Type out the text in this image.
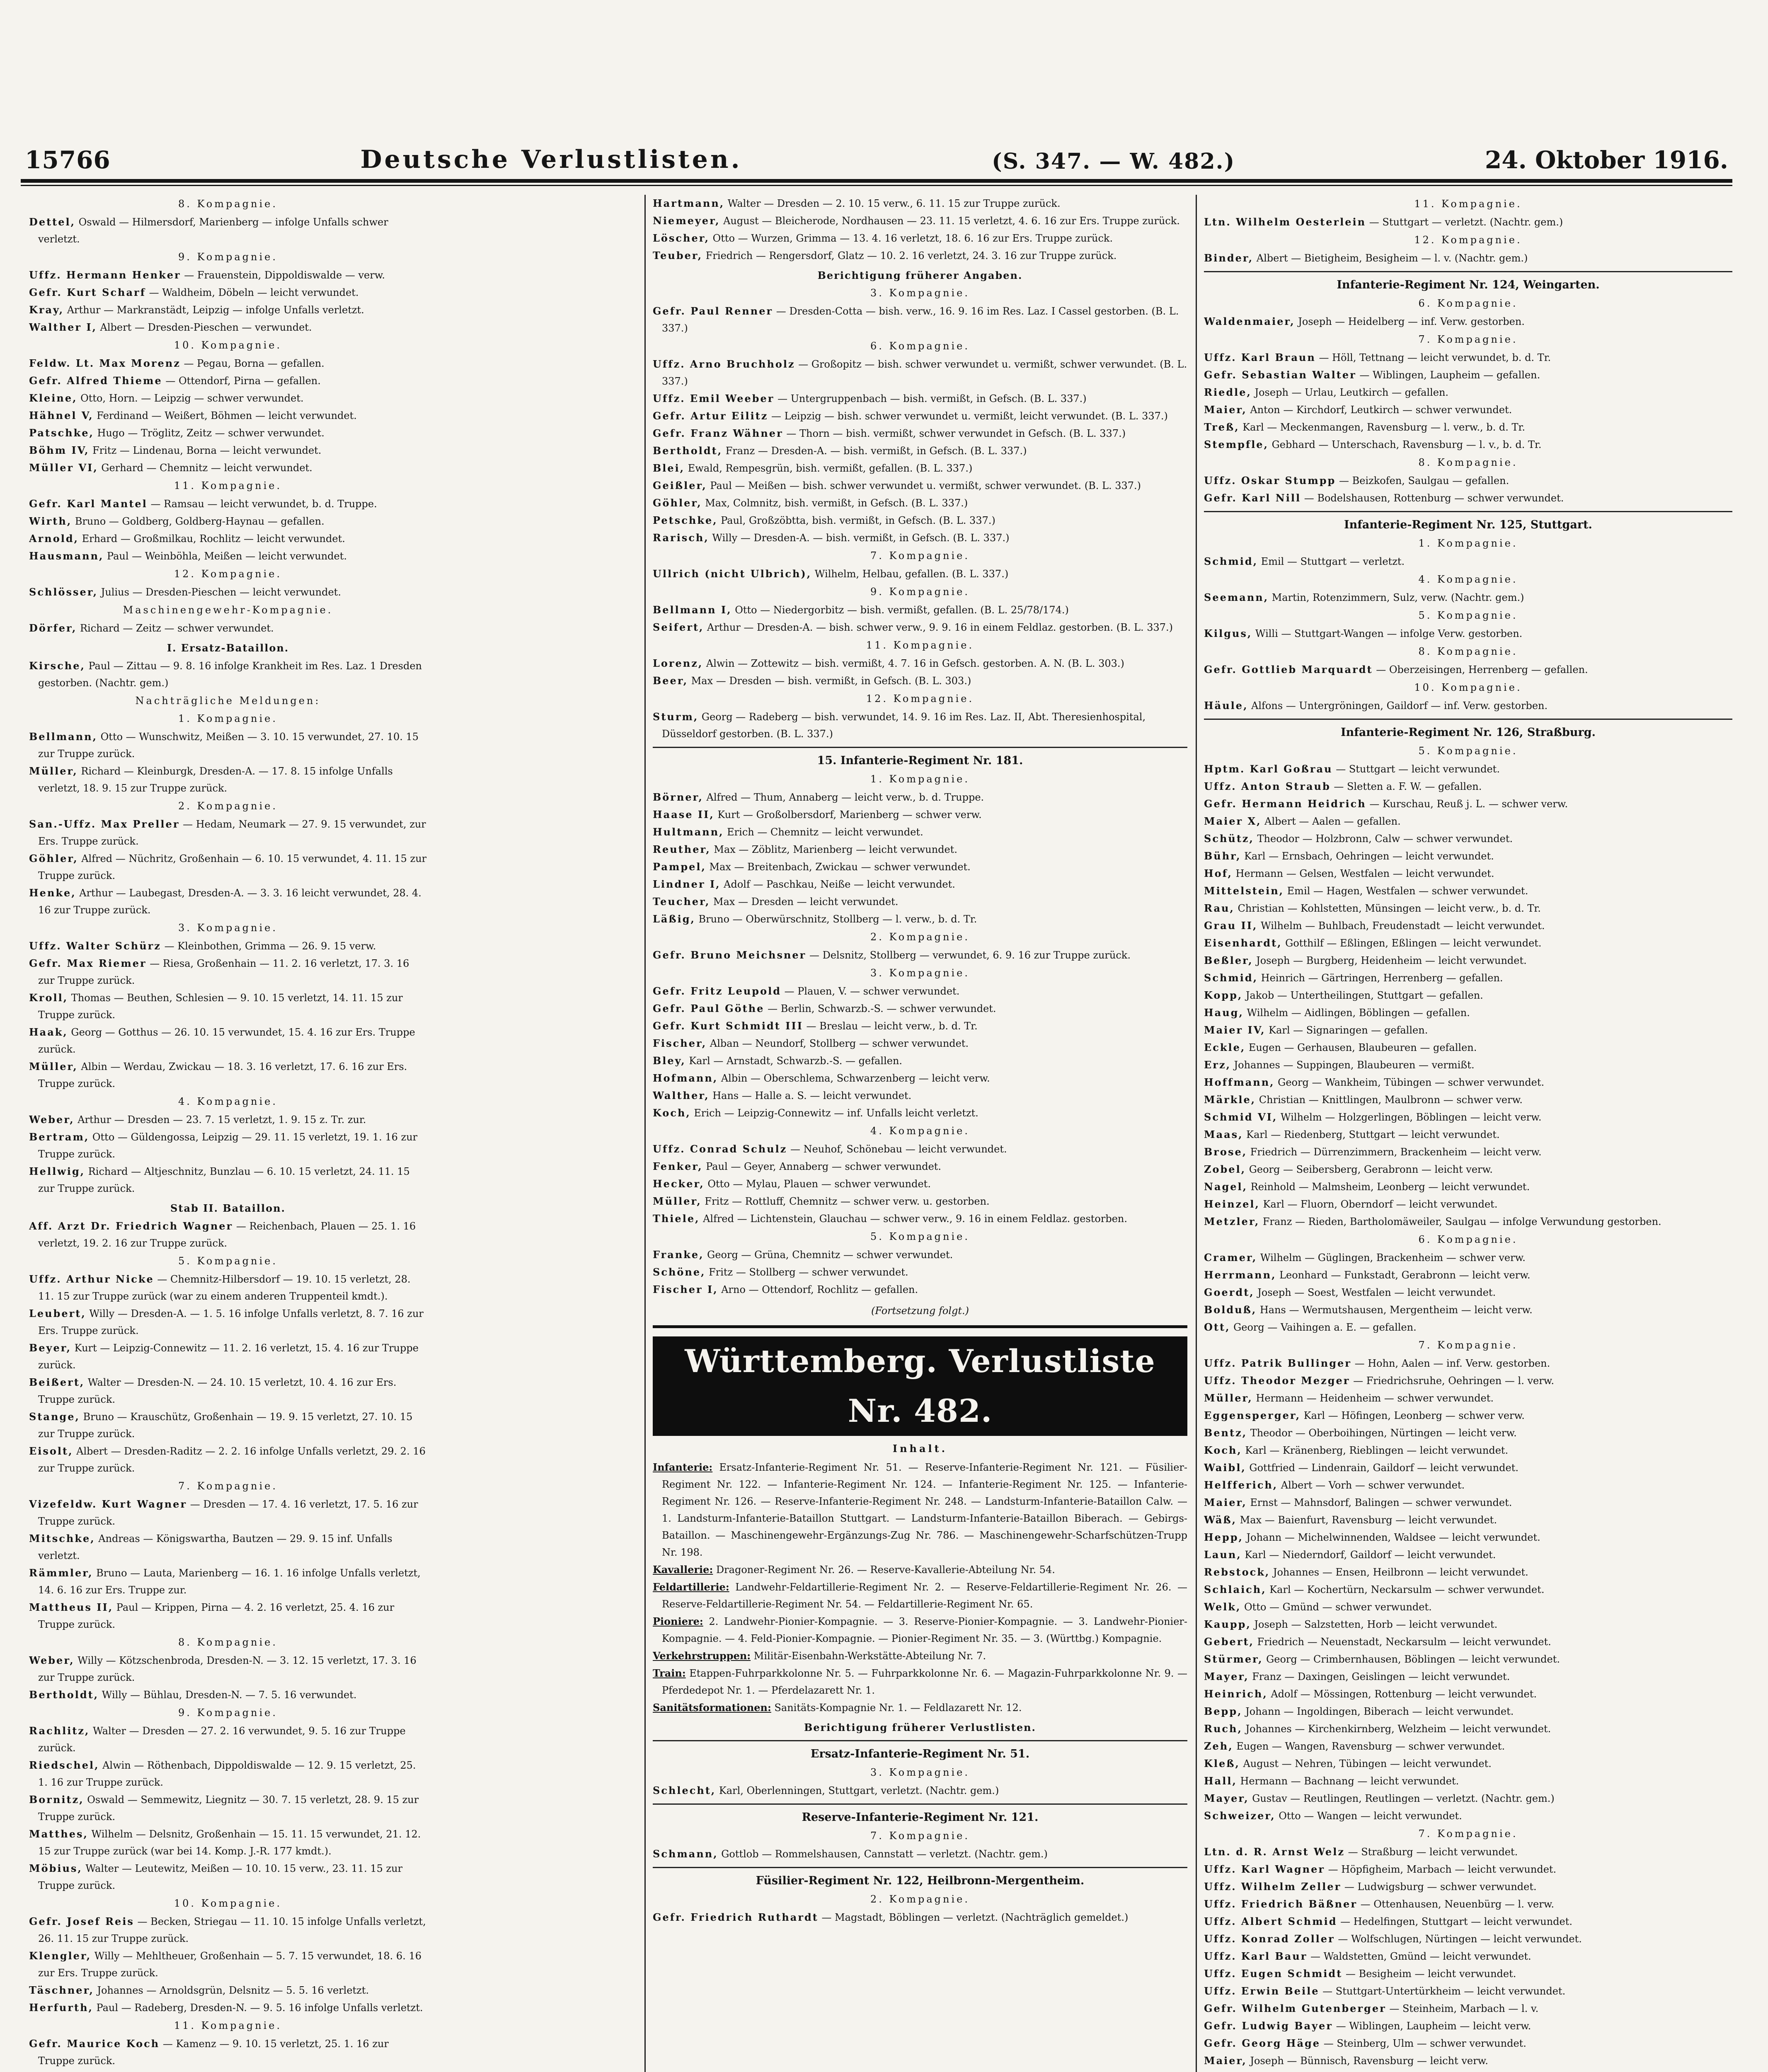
15766	Deutsche Verlustlisten.	(S. 347. — W. 482.)	24. Oktober 1916.
8. Kompagnie.

Dettel, Oswald — Hilmersdorf, Marienberg — infolge Unfalls schwer verletzt.

9. Kompagnie.

Uffz. Hermann Henker — Frauenstein, Dippoldiswalde — verw.

Gefr. Kurt Scharf — Waldheim, Döbeln — leicht verwundet.

Kray, Arthur — Markranstädt, Leipzig — infolge Unfalls verletzt.

Walther I, Albert — Dresden-Pieschen — verwundet.

10. Kompagnie.

Feldw. Lt. Max Morenz — Pegau, Borna — gefallen.

Gefr. Alfred Thieme — Ottendorf, Pirna — gefallen.

Kleine, Otto, Horn. — Leipzig — schwer verwundet.

Hähnel V, Ferdinand — Weißert, Böhmen — leicht verwundet.

Patschke, Hugo — Tröglitz, Zeitz — schwer verwundet.

Böhm IV, Fritz — Lindenau, Borna — leicht verwundet.

Müller VI, Gerhard — Chemnitz — leicht verwundet.

11. Kompagnie.

Gefr. Karl Mantel — Ramsau — leicht verwundet, b. d. Truppe.

Wirth, Bruno — Goldberg, Goldberg-Haynau — gefallen.

Arnold, Erhard — Großmilkau, Rochlitz — leicht verwundet.

Hausmann, Paul — Weinböhla, Meißen — leicht verwundet.

12. Kompagnie.

Schlösser, Julius — Dresden-Pieschen — leicht verwundet.

Maschinengewehr-Kompagnie.

Dörfer, Richard — Zeitz — schwer verwundet.

I. Ersatz-Bataillon.

Kirsche, Paul — Zittau — 9. 8. 16 infolge Krankheit im Res. Laz. 1 Dresden gestorben. (Nachtr. gem.)

Nachträgliche Meldungen:
1. Kompagnie.

Bellmann, Otto — Wunschwitz, Meißen — 3. 10. 15 verwundet, 27. 10. 15 zur Truppe zurück.

Müller, Richard — Kleinburgk, Dresden-A. — 17. 8. 15 infolge Unfalls verletzt, 18. 9. 15 zur Truppe zurück.

2. Kompagnie.

San.-Uffz. Max Preller — Hedam, Neumark — 27. 9. 15 verwundet, zur Ers. Truppe zurück.

Göhler, Alfred — Nüchritz, Großenhain — 6. 10. 15 verwundet, 4. 11. 15 zur Truppe zurück.

Henke, Arthur — Laubegast, Dresden-A. — 3. 3. 16 leicht verwundet, 28. 4. 16 zur Truppe zurück.

3. Kompagnie.

Uffz. Walter Schürz — Kleinbothen, Grimma — 26. 9. 15 verw.

Gefr. Max Riemer — Riesa, Großenhain — 11. 2. 16 verletzt, 17. 3. 16 zur Truppe zurück.

Kroll, Thomas — Beuthen, Schlesien — 9. 10. 15 verletzt, 14. 11. 15 zur Truppe zurück.

Haak, Georg — Gotthus — 26. 10. 15 verwundet, 15. 4. 16 zur Ers. Truppe zurück.

Müller, Albin — Werdau, Zwickau — 18. 3. 16 verletzt, 17. 6. 16 zur Ers. Truppe zurück.

4. Kompagnie.

Weber, Arthur — Dresden — 23. 7. 15 verletzt, 1. 9. 15 z. Tr. zur.

Bertram, Otto — Güldengossa, Leipzig — 29. 11. 15 verletzt, 19. 1. 16 zur Truppe zurück.

Hellwig, Richard — Altjeschnitz, Bunzlau — 6. 10. 15 verletzt, 24. 11. 15 zur Truppe zurück.

Stab II. Bataillon.

Aff. Arzt Dr. Friedrich Wagner — Reichenbach, Plauen — 25. 1. 16 verletzt, 19. 2. 16 zur Truppe zurück.

5. Kompagnie.

Uffz. Arthur Nicke — Chemnitz-Hilbersdorf — 19. 10. 15 verletzt, 28. 11. 15 zur Truppe zurück (war zu einem anderen Truppenteil kmdt.).

Leubert, Willy — Dresden-A. — 1. 5. 16 infolge Unfalls verletzt, 8. 7. 16 zur Ers. Truppe zurück.

Beyer, Kurt — Leipzig-Connewitz — 11. 2. 16 verletzt, 15. 4. 16 zur Truppe zurück.

Beißert, Walter — Dresden-N. — 24. 10. 15 verletzt, 10. 4. 16 zur Ers. Truppe zurück.

Stange, Bruno — Krauschütz, Großenhain — 19. 9. 15 verletzt, 27. 10. 15 zur Truppe zurück.

Eisolt, Albert — Dresden-Raditz — 2. 2. 16 infolge Unfalls verletzt, 29. 2. 16 zur Truppe zurück.

7. Kompagnie.

Vizefeldw. Kurt Wagner — Dresden — 17. 4. 16 verletzt, 17. 5. 16 zur Truppe zurück.

Mitschke, Andreas — Königswartha, Bautzen — 29. 9. 15 inf. Unfalls verletzt.

Rämmler, Bruno — Lauta, Marienberg — 16. 1. 16 infolge Unfalls verletzt, 14. 6. 16 zur Ers. Truppe zur.

Mattheus II, Paul — Krippen, Pirna — 4. 2. 16 verletzt, 25. 4. 16 zur Truppe zurück.

8. Kompagnie.

Weber, Willy — Kötzschenbroda, Dresden-N. — 3. 12. 15 verletzt, 17. 3. 16 zur Truppe zurück.

Bertholdt, Willy — Bühlau, Dresden-N. — 7. 5. 16 verwundet.

9. Kompagnie.

Rachlitz, Walter — Dresden — 27. 2. 16 verwundet, 9. 5. 16 zur Truppe zurück.

Riedschel, Alwin — Röthenbach, Dippoldiswalde — 12. 9. 15 verletzt, 25. 1. 16 zur Truppe zurück.

Bornitz, Oswald — Semmewitz, Liegnitz — 30. 7. 15 verletzt, 28. 9. 15 zur Truppe zurück.

Matthes, Wilhelm — Delsnitz, Großenhain — 15. 11. 15 verwundet, 21. 12. 15 zur Truppe zurück (war bei 14. Komp. J.-R. 177 kmdt.).

Möbius, Walter — Leutewitz, Meißen — 10. 10. 15 verw., 23. 11. 15 zur Truppe zurück.

10. Kompagnie.

Gefr. Josef Reis — Becken, Striegau — 11. 10. 15 infolge Unfalls verletzt, 26. 11. 15 zur Truppe zurück.

Klengler, Willy — Mehltheuer, Großenhain — 5. 7. 15 verwundet, 18. 6. 16 zur Ers. Truppe zurück.

Täschner, Johannes — Arnoldsgrün, Delsnitz — 5. 5. 16 verletzt.

Herfurth, Paul — Radeberg, Dresden-N. — 9. 5. 16 infolge Unfalls verletzt.

11. Kompagnie.

Gefr. Maurice Koch — Kamenz — 9. 10. 15 verletzt, 25. 1. 16 zur Truppe zurück.

Hartmann, Walter — Dresden — 2. 10. 15 verw., 6. 11. 15 zur Truppe zurück.

Niemeyer, August — Bleicherode, Nordhausen — 23. 11. 15 verletzt, 4. 6. 16 zur Ers. Truppe zurück.

Löscher, Otto — Wurzen, Grimma — 13. 4. 16 verletzt, 18. 6. 16 zur Ers. Truppe zurück.

Teuber, Friedrich — Rengersdorf, Glatz — 10. 2. 16 verletzt, 24. 3. 16 zur Truppe zurück.

Berichtigung früherer Angaben.
3. Kompagnie.

Gefr. Paul Renner — Dresden-Cotta — bish. verw., 16. 9. 16 im Res. Laz. I Cassel gestorben. (B. L. 337.)

6. Kompagnie.

Uffz. Arno Bruchholz — Großopitz — bish. schwer verwundet u. vermißt, schwer verwundet. (B. L. 337.)

Uffz. Emil Weeber — Untergruppenbach — bish. vermißt, in Gefsch. (B. L. 337.)

Gefr. Artur Eilitz — Leipzig — bish. schwer verwundet u. vermißt, leicht verwundet. (B. L. 337.)

Gefr. Franz Wähner — Thorn — bish. vermißt, schwer verwundet in Gefsch. (B. L. 337.)

Bertholdt, Franz — Dresden-A. — bish. vermißt, in Gefsch. (B. L. 337.)

Blei, Ewald, Rempesgrün, bish. vermißt, gefallen. (B. L. 337.)

Geißler, Paul — Meißen — bish. schwer verwundet u. vermißt, schwer verwundet. (B. L. 337.)

Göhler, Max, Colmnitz, bish. vermißt, in Gefsch. (B. L. 337.)

Petschke, Paul, Großzöbtta, bish. vermißt, in Gefsch. (B. L. 337.)

Rarisch, Willy — Dresden-A. — bish. vermißt, in Gefsch. (B. L. 337.)

7. Kompagnie.

Ullrich (nicht Ulbrich), Wilhelm, Helbau, gefallen. (B. L. 337.)

9. Kompagnie.

Bellmann I, Otto — Niedergorbitz — bish. vermißt, gefallen. (B. L. 25/78/174.)

Seifert, Arthur — Dresden-A. — bish. schwer verw., 9. 9. 16 in einem Feldlaz. gestorben. (B. L. 337.)

11. Kompagnie.

Lorenz, Alwin — Zottewitz — bish. vermißt, 4. 7. 16 in Gefsch. gestorben. A. N. (B. L. 303.)

Beer, Max — Dresden — bish. vermißt, in Gefsch. (B. L. 303.)

12. Kompagnie.

Sturm, Georg — Radeberg — bish. verwundet, 14. 9. 16 im Res. Laz. II, Abt. Theresienhospital, Düsseldorf gestorben. (B. L. 337.)

15. Infanterie-Regiment Nr. 181.
1. Kompagnie.

Börner, Alfred — Thum, Annaberg — leicht verw., b. d. Truppe.

Haase II, Kurt — Großolbersdorf, Marienberg — schwer verw.

Hultmann, Erich — Chemnitz — leicht verwundet.

Reuther, Max — Zöblitz, Marienberg — leicht verwundet.

Pampel, Max — Breitenbach, Zwickau — schwer verwundet.

Lindner I, Adolf — Paschkau, Neiße — leicht verwundet.

Teucher, Max — Dresden — leicht verwundet.

Läßig, Bruno — Oberwürschnitz, Stollberg — l. verw., b. d. Tr.

2. Kompagnie.

Gefr. Bruno Meichsner — Delsnitz, Stollberg — verwundet, 6. 9. 16 zur Truppe zurück.

3. Kompagnie.

Gefr. Fritz Leupold — Plauen, V. — schwer verwundet.

Gefr. Paul Göthe — Berlin, Schwarzb.-S. — schwer verwundet.

Gefr. Kurt Schmidt III — Breslau — leicht verw., b. d. Tr.

Fischer, Alban — Neundorf, Stollberg — schwer verwundet.

Bley, Karl — Arnstadt, Schwarzb.-S. — gefallen.

Hofmann, Albin — Oberschlema, Schwarzenberg — leicht verw.

Walther, Hans — Halle a. S. — leicht verwundet.

Koch, Erich — Leipzig-Connewitz — inf. Unfalls leicht verletzt.

4. Kompagnie.

Uffz. Conrad Schulz — Neuhof, Schönebau — leicht verwundet.

Fenker, Paul — Geyer, Annaberg — schwer verwundet.

Hecker, Otto — Mylau, Plauen — schwer verwundet.

Müller, Fritz — Rottluff, Chemnitz — schwer verw. u. gestorben.

Thiele, Alfred — Lichtenstein, Glauchau — schwer verw., 9. 16 in einem Feldlaz. gestorben.

5. Kompagnie.

Franke, Georg — Grüna, Chemnitz — schwer verwundet.

Schöne, Fritz — Stollberg — schwer verwundet.

Fischer I, Arno — Ottendorf, Rochlitz — gefallen.

(Fortsetzung folgt.)
Württemberg. Verlustliste Nr. 482.
Inhalt.

Infanterie: Ersatz-Infanterie-Regiment Nr. 51. — Reserve-Infanterie-Regiment Nr. 121. — Füsilier-Regiment Nr. 122. — Infanterie-Regiment Nr. 124. — Infanterie-Regiment Nr. 125. — Infanterie-Regiment Nr. 126. — Reserve-Infanterie-Regiment Nr. 248. — Landsturm-Infanterie-Bataillon Calw. — 1. Landsturm-Infanterie-Bataillon Stuttgart. — Landsturm-Infanterie-Bataillon Biberach. — Gebirgs-Bataillon. — Maschinengewehr-Ergänzungs-Zug Nr. 786. — Maschinengewehr-Scharfschützen-Trupp Nr. 198.

Kavallerie: Dragoner-Regiment Nr. 26. — Reserve-Kavallerie-Abteilung Nr. 54.

Feldartillerie: Landwehr-Feldartillerie-Regiment Nr. 2. — Reserve-Feldartillerie-Regiment Nr. 26. — Reserve-Feldartillerie-Regiment Nr. 54. — Feldartillerie-Regiment Nr. 65.

Pioniere: 2. Landwehr-Pionier-Kompagnie. — 3. Reserve-Pionier-Kompagnie. — 3. Landwehr-Pionier-Kompagnie. — 4. Feld-Pionier-Kompagnie. — Pionier-Regiment Nr. 35. — 3. (Württbg.) Kompagnie.

Verkehrstruppen: Militär-Eisenbahn-Werkstätte-Abteilung Nr. 7.

Train: Etappen-Fuhrparkkolonne Nr. 5. — Fuhrparkkolonne Nr. 6. — Magazin-Fuhrparkkolonne Nr. 9. — Pferdedepot Nr. 1. — Pferdelazarett Nr. 1.

Sanitätsformationen: Sanitäts-Kompagnie Nr. 1. — Feldlazarett Nr. 12.

Berichtigung früherer Verlustlisten.
Ersatz-Infanterie-Regiment Nr. 51.
3. Kompagnie.

Schlecht, Karl, Oberlenningen, Stuttgart, verletzt. (Nachtr. gem.)

Reserve-Infanterie-Regiment Nr. 121.
7. Kompagnie.

Schmann, Gottlob — Rommelshausen, Cannstatt — verletzt. (Nachtr. gem.)

Füsilier-Regiment Nr. 122, Heilbronn-Mergentheim.
2. Kompagnie.

Gefr. Friedrich Ruthardt — Magstadt, Böblingen — verletzt. (Nachträglich gemeldet.)

11. Kompagnie.

Ltn. Wilhelm Oesterlein — Stuttgart — verletzt. (Nachtr. gem.)

12. Kompagnie.

Binder, Albert — Bietigheim, Besigheim — l. v. (Nachtr. gem.)

Infanterie-Regiment Nr. 124, Weingarten.
6. Kompagnie.

Waldenmaier, Joseph — Heidelberg — inf. Verw. gestorben.

7. Kompagnie.

Uffz. Karl Braun — Höll, Tettnang — leicht verwundet, b. d. Tr.

Gefr. Sebastian Walter — Wiblingen, Laupheim — gefallen.

Riedle, Joseph — Urlau, Leutkirch — gefallen.

Maier, Anton — Kirchdorf, Leutkirch — schwer verwundet.

Treß, Karl — Meckenmangen, Ravensburg — l. verw., b. d. Tr.

Stempfle, Gebhard — Unterschach, Ravensburg — l. v., b. d. Tr.

8. Kompagnie.

Uffz. Oskar Stumpp — Beizkofen, Saulgau — gefallen.

Gefr. Karl Nill — Bodelshausen, Rottenburg — schwer verwundet.

Infanterie-Regiment Nr. 125, Stuttgart.
1. Kompagnie.

Schmid, Emil — Stuttgart — verletzt.

4. Kompagnie.

Seemann, Martin, Rotenzimmern, Sulz, verw. (Nachtr. gem.)

5. Kompagnie.

Kilgus, Willi — Stuttgart-Wangen — infolge Verw. gestorben.

8. Kompagnie.

Gefr. Gottlieb Marquardt — Oberzeisingen, Herrenberg — gefallen.

10. Kompagnie.

Häule, Alfons — Untergröningen, Gaildorf — inf. Verw. gestorben.

Infanterie-Regiment Nr. 126, Straßburg.
5. Kompagnie.

Hptm. Karl Goßrau — Stuttgart — leicht verwundet.

Uffz. Anton Straub — Sletten a. F. W. — gefallen.

Gefr. Hermann Heidrich — Kurschau, Reuß j. L. — schwer verw.

Maier X, Albert — Aalen — gefallen.

Schütz, Theodor — Holzbronn, Calw — schwer verwundet.

Bühr, Karl — Ernsbach, Oehringen — leicht verwundet.

Hof, Hermann — Gelsen, Westfalen — leicht verwundet.

Mittelstein, Emil — Hagen, Westfalen — schwer verwundet.

Rau, Christian — Kohlstetten, Münsingen — leicht verw., b. d. Tr.

Grau II, Wilhelm — Buhlbach, Freudenstadt — leicht verwundet.

Eisenhardt, Gotthilf — Eßlingen, Eßlingen — leicht verwundet.

Beßler, Joseph — Burgberg, Heidenheim — leicht verwundet.

Schmid, Heinrich — Gärtringen, Herrenberg — gefallen.

Kopp, Jakob — Untertheilingen, Stuttgart — gefallen.

Haug, Wilhelm — Aidlingen, Böblingen — gefallen.

Maier IV, Karl — Signaringen — gefallen.

Eckle, Eugen — Gerhausen, Blaubeuren — gefallen.

Erz, Johannes — Suppingen, Blaubeuren — vermißt.

Hoffmann, Georg — Wankheim, Tübingen — schwer verwundet.

Märkle, Christian — Knittlingen, Maulbronn — schwer verw.

Schmid VI, Wilhelm — Holzgerlingen, Böblingen — leicht verw.

Maas, Karl — Riedenberg, Stuttgart — leicht verwundet.

Brose, Friedrich — Dürrenzimmern, Brackenheim — leicht verw.

Zobel, Georg — Seibersberg, Gerabronn — leicht verw.

Nagel, Reinhold — Malmsheim, Leonberg — leicht verwundet.

Heinzel, Karl — Fluorn, Oberndorf — leicht verwundet.

Metzler, Franz — Rieden, Bartholomäweiler, Saulgau — infolge Verwundung gestorben.

6. Kompagnie.

Cramer, Wilhelm — Güglingen, Brackenheim — schwer verw.

Herrmann, Leonhard — Funkstadt, Gerabronn — leicht verw.

Goerdt, Joseph — Soest, Westfalen — leicht verwundet.

Bolduß, Hans — Wermutshausen, Mergentheim — leicht verw.

Ott, Georg — Vaihingen a. E. — gefallen.

7. Kompagnie.

Uffz. Patrik Bullinger — Hohn, Aalen — inf. Verw. gestorben.

Uffz. Theodor Mezger — Friedrichsruhe, Oehringen — l. verw.

Müller, Hermann — Heidenheim — schwer verwundet.

Eggensperger, Karl — Höfingen, Leonberg — schwer verw.

Bentz, Theodor — Oberboihingen, Nürtingen — leicht verw.

Koch, Karl — Kränenberg, Rieblingen — leicht verwundet.

Waibl, Gottfried — Lindenrain, Gaildorf — leicht verwundet.

Helfferich, Albert — Vorh — schwer verwundet.

Maier, Ernst — Mahnsdorf, Balingen — schwer verwundet.

Wäß, Max — Baienfurt, Ravensburg — leicht verwundet.

Hepp, Johann — Michelwinnenden, Waldsee — leicht verwundet.

Laun, Karl — Niederndorf, Gaildorf — leicht verwundet.

Rebstock, Johannes — Ensen, Heilbronn — leicht verwundet.

Schlaich, Karl — Kochertürn, Neckarsulm — schwer verwundet.

Welk, Otto — Gmünd — schwer verwundet.

Kaupp, Joseph — Salzstetten, Horb — leicht verwundet.

Gebert, Friedrich — Neuenstadt, Neckarsulm — leicht verwundet.

Stürmer, Georg — Crimbernhausen, Böblingen — leicht verwundet.

Mayer, Franz — Daxingen, Geislingen — leicht verwundet.

Heinrich, Adolf — Mössingen, Rottenburg — leicht verwundet.

Bepp, Johann — Ingoldingen, Biberach — leicht verwundet.

Ruch, Johannes — Kirchenkirnberg, Welzheim — leicht verwundet.

Zeh, Eugen — Wangen, Ravensburg — schwer verwundet.

Kleß, August — Nehren, Tübingen — leicht verwundet.

Hall, Hermann — Bachnang — leicht verwundet.

Mayer, Gustav — Reutlingen, Reutlingen — verletzt. (Nachtr. gem.)

Schweizer, Otto — Wangen — leicht verwundet.

7. Kompagnie.

Ltn. d. R. Arnst Welz — Straßburg — leicht verwundet.

Uffz. Karl Wagner — Höpfigheim, Marbach — leicht verwundet.

Uffz. Wilhelm Zeller — Ludwigsburg — schwer verwundet.

Uffz. Friedrich Bäßner — Ottenhausen, Neuenbürg — l. verw.

Uffz. Albert Schmid — Hedelfingen, Stuttgart — leicht verwundet.

Uffz. Konrad Zoller — Wolfschlugen, Nürtingen — leicht verwundet.

Uffz. Karl Baur — Waldstetten, Gmünd — leicht verwundet.

Uffz. Eugen Schmidt — Besigheim — leicht verwundet.

Uffz. Erwin Beile — Stuttgart-Untertürkheim — leicht verwundet.

Gefr. Wilhelm Gutenberger — Steinheim, Marbach — l. v.

Gefr. Ludwig Bayer — Wiblingen, Laupheim — leicht verw.

Gefr. Georg Häge — Steinberg, Ulm — schwer verwundet.

Maier, Joseph — Bünnisch, Ravensburg — leicht verw.
